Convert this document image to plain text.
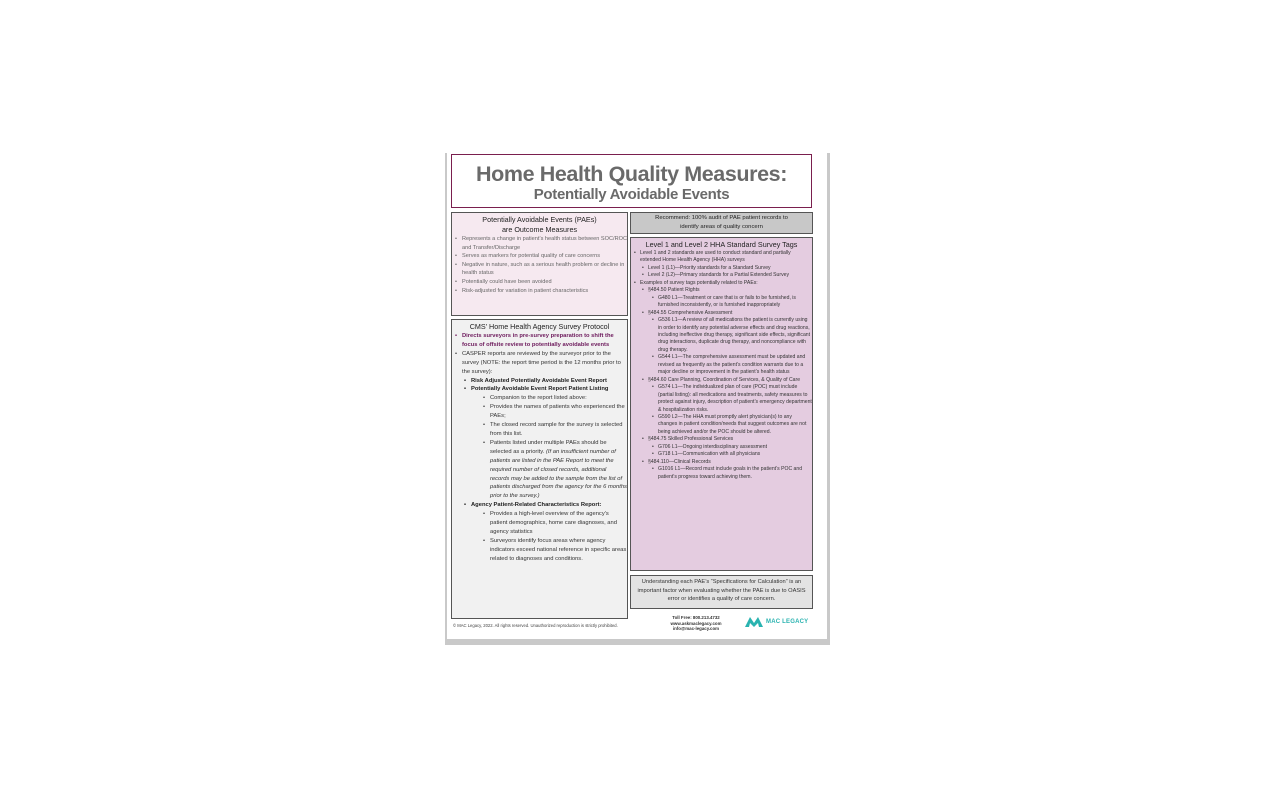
Home Health Quality Measures:
Potentially Avoidable Events
Potentially Avoidable Events (PAEs)
are Outcome Measures
• Represents a change in patient’s health status between SOC/ROC and Transfer/Discharge
• Serves as markers for potential quality of care concerns
• Negative in nature, such as a serious health problem or decline in health status
• Potentially could have been avoided
• Risk-adjusted for variation in patient characteristics
CMS’ Home Health Agency Survey Protocol
• Directs surveyors in pre-survey preparation to shift the focus of offsite review to potentially avoidable events
• CASPER reports are reviewed by the surveyor prior to the survey (NOTE: the report time period is the 12 months prior to the survey):
• Risk Adjusted Potentially Avoidable Event Report
• Potentially Avoidable Event Report Patient Listing
• Companion to the report listed above:
• Provides the names of patients who experienced the PAEs;
• The closed record sample for the survey is selected from this list.
• Patients listed under multiple PAEs should be selected as a priority. (If an insufficient number of patients are listed in the PAE Report to meet the required number of closed records, additional records may be added to the sample from the list of patients discharged from the agency for the 6 months prior to the survey.)
• Agency Patient-Related Characteristics Report:
• Provides a high-level overview of the agency’s patient demographics, home care diagnoses, and agency statistics
• Surveyors identify focus areas where agency indicators exceed national reference in specific areas related to diagnoses and conditions.
Recommend: 100% audit of PAE patient records to
identify areas of quality concern
Level 1 and Level 2 HHA Standard Survey Tags
• Level 1 and 2 standards are used to conduct standard and partially extended Home Health Agency (HHA) surveys
• Level 1 (L1)—Priority standards for a Standard Survey
• Level 2 (L2)—Primary standards for a Partial Extended Survey
• Examples of survey tags potentially related to PAEs:
• §484.50 Patient Rights
• G480 L1—Treatment or care that is or fails to be furnished, is furnished inconsistently, or is furnished inappropriately
• §484.55 Comprehensive Assessment
• G536 L1—A review of all medications the patient is currently using in order to identify any potential adverse effects and drug reactions, including ineffective drug therapy, significant side effects, significant drug interactions, duplicate drug therapy, and noncompliance with drug therapy.
• G544 L1—The comprehensive assessment must be updated and revised as frequently as the patient’s condition warrants due to a major decline or improvement in the patient’s health status
• §484.60 Care Planning, Coordination of Services, & Quality of Care
• G574 L1—The individualized plan of care (POC) must include (partial listing): all medications and treatments, safety measures to protect against injury, description of patient’s emergency department & hospitalization risks.
• G590 L2—The HHA must promptly alert physician(s) to any changes in patient condition/needs that suggest outcomes are not being achieved and/or the POC should be altered.
• §484.75 Skilled Professional Services
• G706 L1—Ongoing interdisciplinary assessment
• G718 L1—Communication with all physicians
• §484.110—Clinical Records
• G1016 L1—Record must include goals in the patient’s POC and patient’s progress toward achieving them.
Understanding each PAE’s “Specifications for Calculation” is an important factor when evaluating whether the PAE is due to OASIS error or identifies a quality of care concern.
© MAC Legacy, 2022. All rights reserved. Unauthorized reproduction is strictly prohibited.
Toll Free: 800.213.4732
www.askmaclegacy.com
info@mac-legacy.com
MAC LEGACY
